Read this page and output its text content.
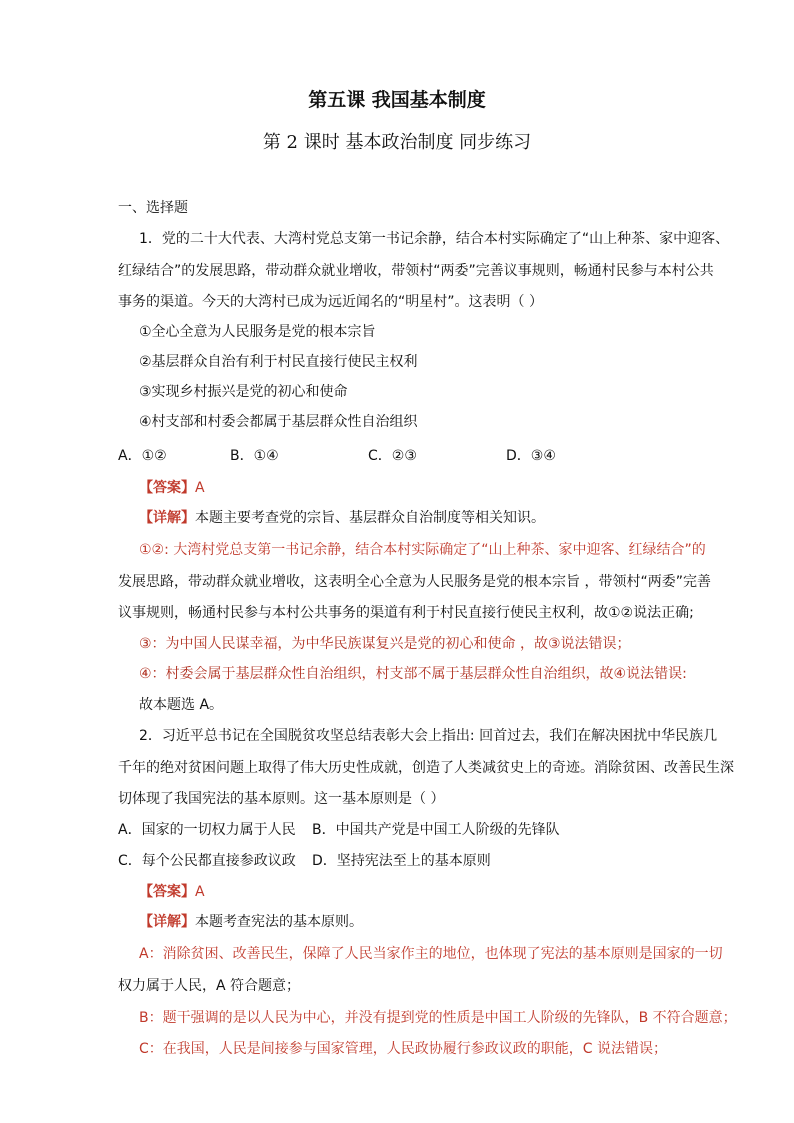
第五课 我国基本制度
第 2 课时 基本政治制度 同步练习
一、选择题
1．党的二十大代表、大湾村党总支第一书记余静，结合本村实际确定了“山上种茶、家中迎客、
红绿结合”的发展思路，带动群众就业增收，带领村“两委”完善议事规则，畅通村民参与本村公共
事务的渠道。今天的大湾村已成为远近闻名的“明星村”。这表明（ ）
①全心全意为人民服务是党的根本宗旨
②基层群众自治有利于村民直接行使民主权利
③实现乡村振兴是党的初心和使命
④村支部和村委会都属于基层群众性自治组织
A．①②	B．①④	C．②③	D．③④
【答案】A
【详解】本题主要考查党的宗旨、基层群众自治制度等相关知识。
①②: 大湾村党总支第一书记余静，结合本村实际确定了“山上种茶、家中迎客、红绿结合”的
发展思路，带动群众就业增收，这表明全心全意为人民服务是党的根本宗旨 ，带领村“两委”完善
议事规则，畅通村民参与本村公共事务的渠道有利于村民直接行使民主权利，故①②说法正确;
③：为中国人民谋幸福，为中华民族谋复兴是党的初心和使命 ，故③说法错误；
④：村委会属于基层群众性自治组织，村支部不属于基层群众性自治组织，故④说法错误:
故本题选 A。
2．习近平总书记在全国脱贫攻坚总结表彰大会上指出: 回首过去，我们在解决困扰中华民族几
千年的绝对贫困问题上取得了伟大历史性成就，创造了人类减贫史上的奇迹。消除贫困、改善民生深
切体现了我国宪法的基本原则。这一基本原则是（ ）
A．国家的一切权力属于人民 B．中国共产党是中国工人阶级的先锋队
C．每个公民都直接参政议政 D．坚持宪法至上的基本原则
【答案】A
【详解】本题考查宪法的基本原则。
A：消除贫困、改善民生，保障了人民当家作主的地位，也体现了宪法的基本原则是国家的一切
权力属于人民，A 符合题意；
B：题干强调的是以人民为中心，并没有提到党的性质是中国工人阶级的先锋队，B 不符合题意；
C：在我国，人民是间接参与国家管理，人民政协履行参政议政的职能，C 说法错误；
